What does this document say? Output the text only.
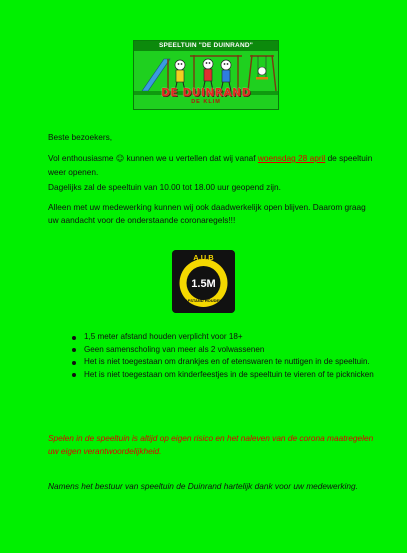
SPEELTUIN "DE DUINRAND"
DE DUINRAND
DE KLIM
Beste bezoekers,
Vol enthousiasme ☺ kunnen we u vertellen dat wij vanaf woensdag 28 april de speeltuin weer openen.
Dagelijks zal de speeltuin van 10.00 tot 18.00 uur geopend zijn.
Alleen met uw medewerking kunnen wij ook daadwerkelijk open blijven. Daarom graag uw aandacht voor de onderstaande coronaregels!!!
A.U.B
1.5M
AFSTAND HOUDEN
1,5 meter afstand houden verplicht voor 18+
Geen samenscholing van meer als 2 volwassenen
Het is niet toegestaan om drankjes en of etenswaren te nuttigen in de speeltuin.
Het is niet toegestaan om kinderfeestjes in de speeltuin te vieren of te picknicken
Spelen in de speeltuin is altijd op eigen risico en het naleven van de corona maatregelen uw eigen verantwoordelijkheid.
Namens het bestuur van speeltuin de Duinrand hartelijk dank voor uw medewerking.
